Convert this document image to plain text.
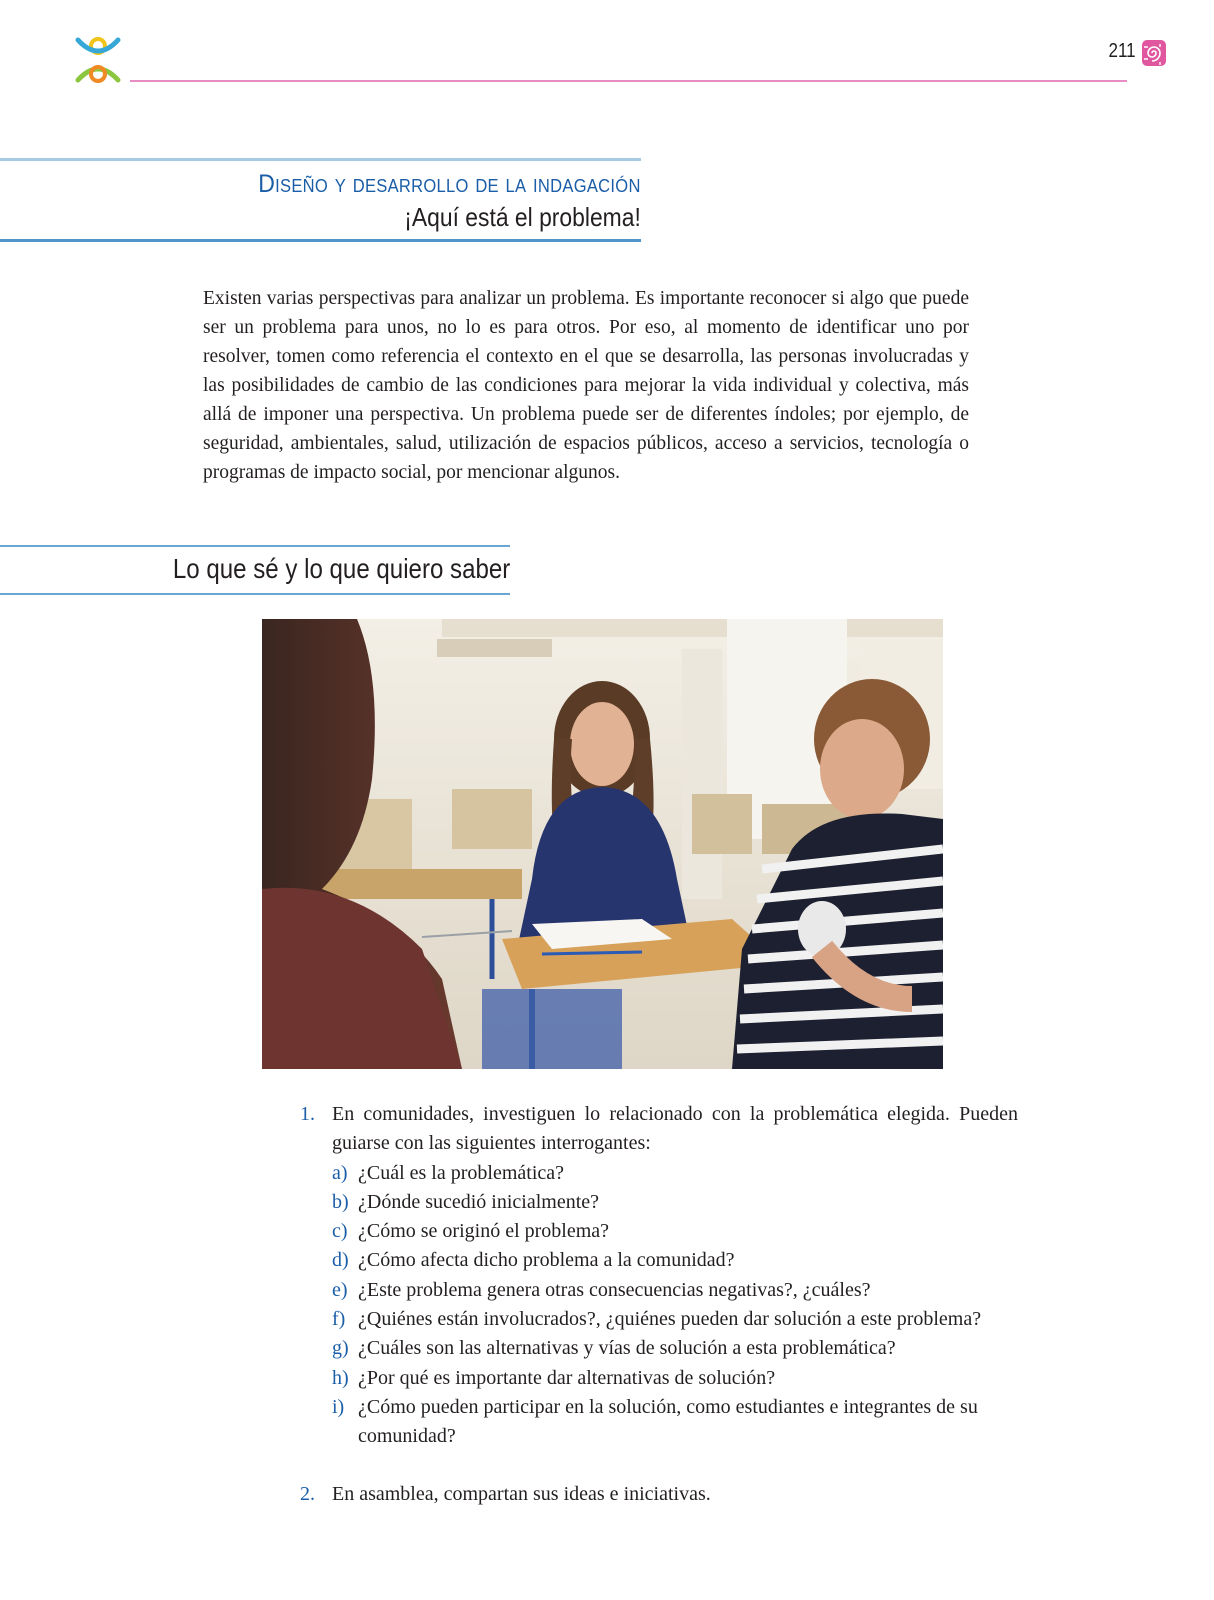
211
Diseño y desarrollo de la indagación
¡Aquí está el problema!

Existen varias perspectivas para analizar un problema. Es importante reconocer si algo que puede ser un problema para unos, no lo es para otros. Por eso, al momento de identificar uno por resolver, tomen como referencia el contexto en el que se desarrolla, las personas involucradas y las posibilidades de cambio de las condiciones para mejorar la vida individual y colectiva, más allá de imponer una perspectiva. Un problema puede ser de diferentes índoles; por ejemplo, de seguridad, ambientales, salud, utilización de espacios públicos, acceso a servicios, tecnología o programas de impacto social, por mencionar algunos.

Lo que sé y lo que quiero saber
1. En comunidades, investiguen lo relacionado con la problemática elegida. Pueden guiarse con las siguientes interrogantes:
a) ¿Cuál es la problemática?
b) ¿Dónde sucedió inicialmente?
c) ¿Cómo se originó el problema?
d) ¿Cómo afecta dicho problema a la comunidad?
e) ¿Este problema genera otras consecuencias negativas?, ¿cuáles?
f) ¿Quiénes están involucrados?, ¿quiénes pueden dar solución a este problema?
g) ¿Cuáles son las alternativas y vías de solución a esta problemática?
h) ¿Por qué es importante dar alternativas de solución?
i) ¿Cómo pueden participar en la solución, como estudiantes e integrantes de su comunidad?
2. En asamblea, compartan sus ideas e iniciativas.
